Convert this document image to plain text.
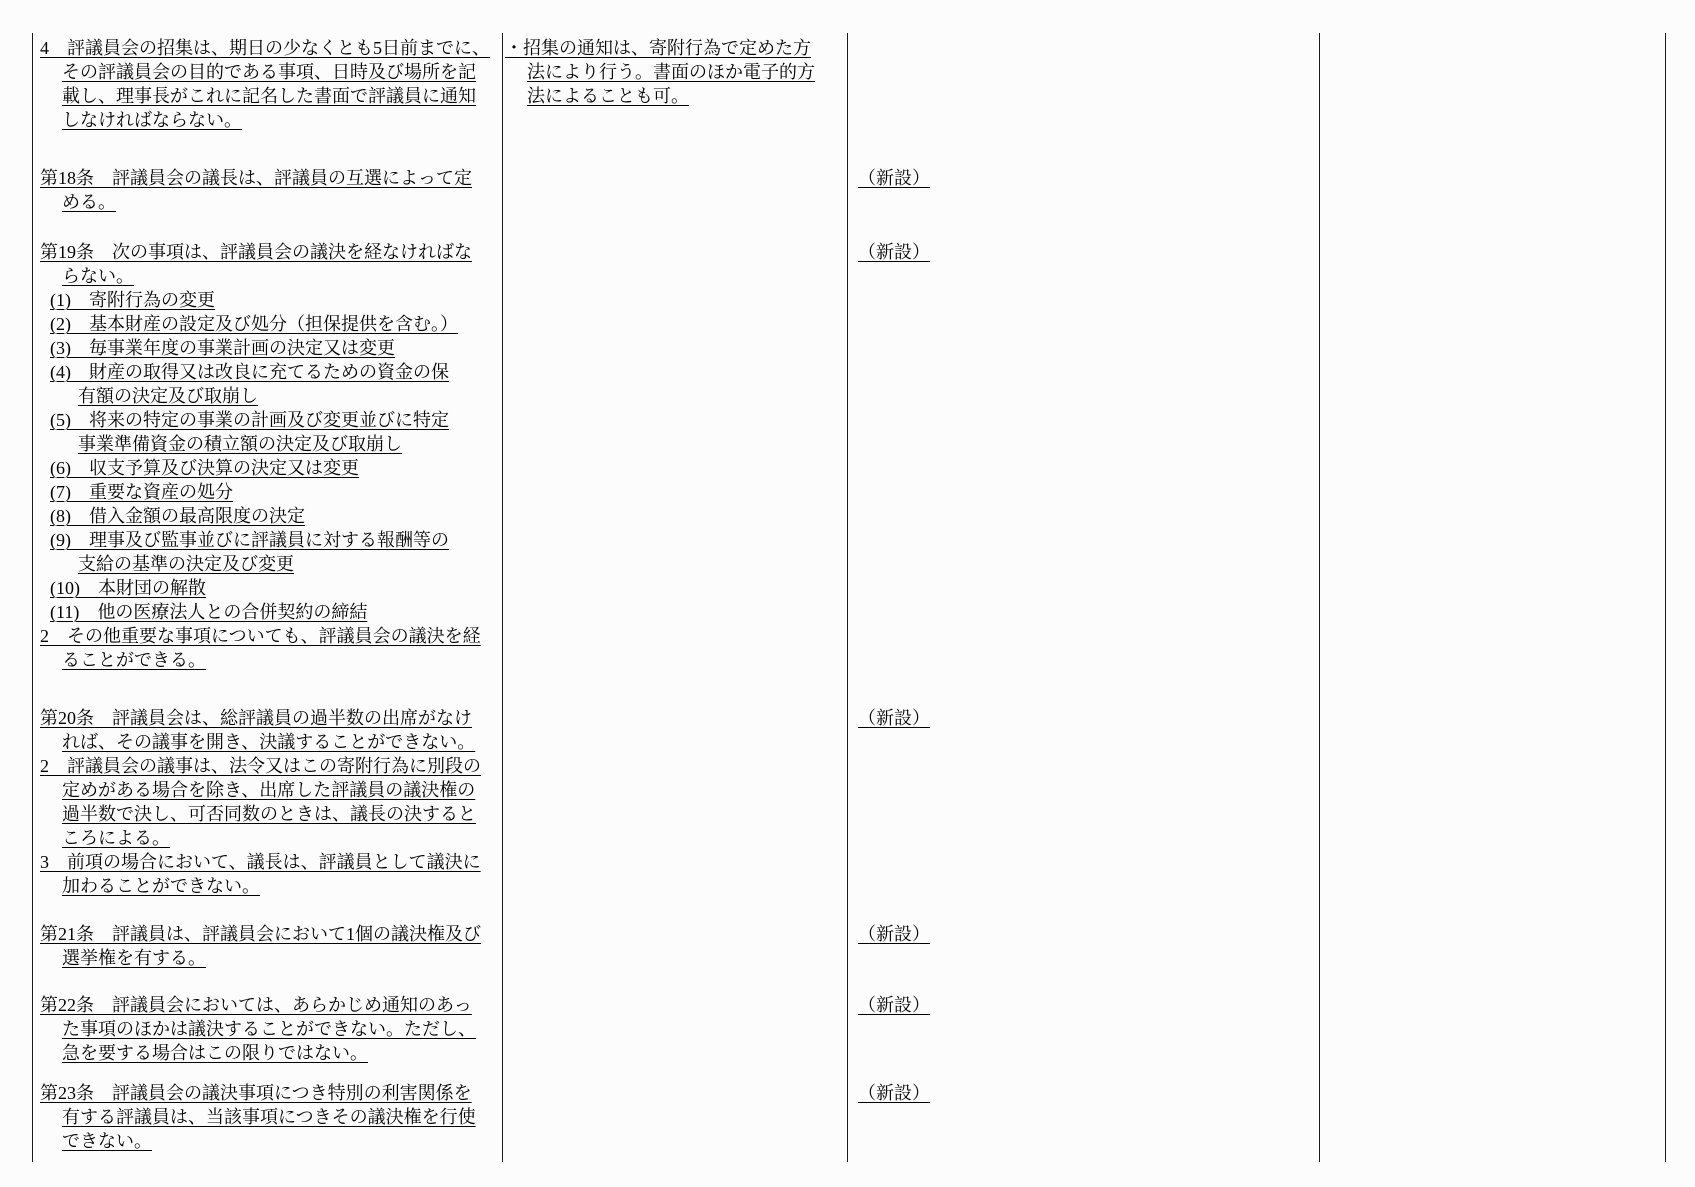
4　評議員会の招集は、期日の少なくとも5日前までに、
その評議員会の目的である事項、日時及び場所を記
載し、理事長がこれに記名した書面で評議員に通知
しなければならない。
第18条　評議員会の議長は、評議員の互選によって定
める。
第19条　次の事項は、評議員会の議決を経なければな
らない。
(1)　寄附行為の変更
(2)　基本財産の設定及び処分（担保提供を含む。）
(3)　毎事業年度の事業計画の決定又は変更
(4)　財産の取得又は改良に充てるための資金の保
有額の決定及び取崩し
(5)　将来の特定の事業の計画及び変更並びに特定
事業準備資金の積立額の決定及び取崩し
(6)　収支予算及び決算の決定又は変更
(7)　重要な資産の処分
(8)　借入金額の最高限度の決定
(9)　理事及び監事並びに評議員に対する報酬等の
支給の基準の決定及び変更
(10)　本財団の解散
(11)　他の医療法人との合併契約の締結
2　その他重要な事項についても、評議員会の議決を経
ることができる。
第20条　評議員会は、総評議員の過半数の出席がなけ
れば、その議事を開き、決議することができない。
2　評議員会の議事は、法令又はこの寄附行為に別段の
定めがある場合を除き、出席した評議員の議決権の
過半数で決し、可否同数のときは、議長の決すると
ころによる。
3　前項の場合において、議長は、評議員として議決に
加わることができない。
第21条　評議員は、評議員会において1個の議決権及び
選挙権を有する。
第22条　評議員会においては、あらかじめ通知のあっ
た事項のほかは議決することができない。ただし、
急を要する場合はこの限りではない。
第23条　評議員会の議決事項につき特別の利害関係を
有する評議員は、当該事項につきその議決権を行使
できない。
・招集の通知は、寄附行為で定めた方
法により行う。書面のほか電子的方
法によることも可。
（新設）
（新設）
（新設）
（新設）
（新設）
（新設）
